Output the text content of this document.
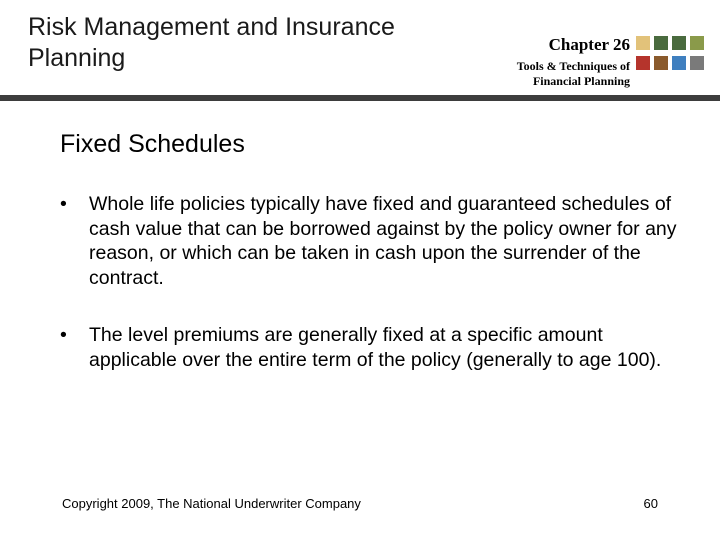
Risk Management and Insurance Planning	Chapter 26
Tools & Techniques of
Financial Planning
Fixed Schedules
• Whole life policies typically have fixed and guaranteed schedules of cash value that can be borrowed against by the policy owner for any reason, or which can be taken in cash upon the surrender of the contract.
• The level premiums are generally fixed at a specific amount applicable over the entire term of the policy (generally to age 100).
Copyright 2009, The National Underwriter Company	60
